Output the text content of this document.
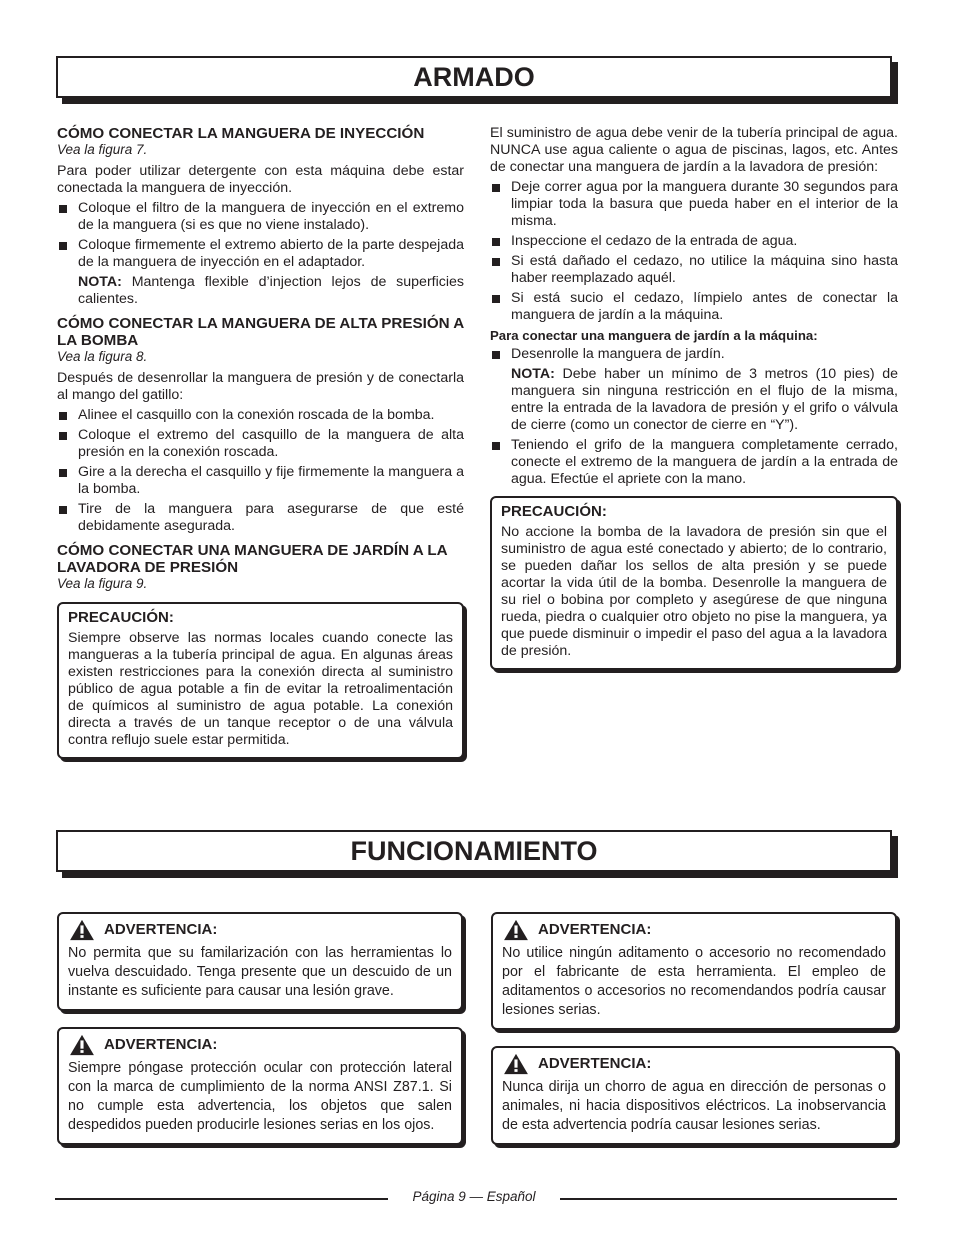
ARMADO
CÓMO CONECTAR LA MANGUERA DE INYECCIÓN
Vea la figura 7.

Para poder utilizar detergente con esta máquina debe estar conectada la manguera de inyección.

Coloque el filtro de la manguera de inyección en el extremo de la manguera (si es que no viene instalado).
Coloque firmemente el extremo abierto de la parte despejada de la manguera de inyección en el adaptador.
NOTA: Mantenga flexible d’injection lejos de superficies calientes.
CÓMO CONECTAR LA MANGUERA DE ALTA PRESIÓN A LA BOMBA
Vea la figura 8.

Después de desenrollar la manguera de presión y de conectarla al mango del gatillo:

Alinee el casquillo con la conexión roscada de la bomba.
Coloque el extremo del casquillo de la manguera de alta presión en la conexión roscada.
Gire a la derecha el casquillo y fije firmemente la manguera a la bomba.
Tire de la manguera para asegurarse de que esté debidamente asegurada.
CÓMO CONECTAR UNA MANGUERA DE JARDÍN A LA LAVADORA DE PRESIÓN
Vea la figura 9.
PRECAUCIÓN:

Siempre observe las normas locales cuando conecte las mangueras a la tubería principal de agua. En algunas áreas existen restricciones para la conexión directa al suministro público de agua potable a fin de evitar la retroalimentación de químicos al suministro de agua potable. La conexión directa a través de un tanque receptor o de una válvula contra reflujo suele estar permitida.

El suministro de agua debe venir de la tubería principal de agua. NUNCA use agua caliente o agua de piscinas, lagos, etc. Antes de conectar una manguera de jardín a la lavadora de presión:

Deje correr agua por la manguera durante 30 segundos para limpiar toda la basura que pueda haber en el interior de la misma.
Inspeccione el cedazo de la entrada de agua.
Si está dañado el cedazo, no utilice la máquina sino hasta haber reemplazado aquél.
Si está sucio el cedazo, límpielo antes de conectar la manguera de jardín a la máquina.
Para conectar una manguera de jardín a la máquina:
Desenrolle la manguera de jardín.
NOTA: Debe haber un mínimo de 3 metros (10 pies) de manguera sin ninguna restricción en el flujo de la misma, entre la entrada de la lavadora de presión y el grifo o válvula de cierre (como un conector de cierre en “Y”).
Teniendo el grifo de la manguera completamente cerrado, conecte el extremo de la manguera de jardín a la entrada de agua. Efectúe el apriete con la mano.
PRECAUCIÓN:

No accione la bomba de la lavadora de presión sin que el suministro de agua esté conectado y abierto; de lo contrario, se pueden dañar los sellos de alta presión y se puede acortar la vida útil de la bomba. Desenrolle la manguera de su riel o bobina por completo y asegúrese de que ninguna rueda, piedra o cualquier otro objeto no pise la manguera, ya que puede disminuir o impedir el paso del agua a la lavadora de presión.

FUNCIONAMIENTO
ADVERTENCIA:

No permita que su familarización con las herramientas lo vuelva descuidado. Tenga presente que un descuido de un instante es suficiente para causar una lesión grave.

ADVERTENCIA:

Siempre póngase protección ocular con protección lateral con la marca de cumplimiento de la norma ANSI Z87.1. Si no cumple esta advertencia, los objetos que salen despedidos pueden producirle lesiones serias en los ojos.

ADVERTENCIA:

No utilice ningún aditamento o accesorio no recomendado por el fabricante de esta herramienta. El empleo de aditamentos o accesorios no recomendandos podría causar lesiones serias.

ADVERTENCIA:

Nunca dirija un chorro de agua en dirección de personas o animales, ni hacia dispositivos eléctricos. La inobservancia de esta advertencia podría causar lesiones serias.

Página 9 — Español
